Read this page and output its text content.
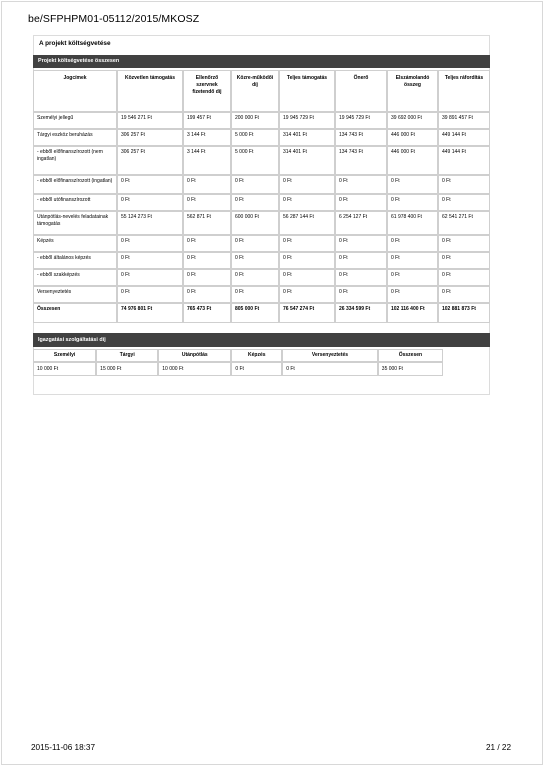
be/SFPHPM01-05112/2015/MKOSZ
A projekt költségvetése
Projekt költségvetése összesen
Jogcímek	Közvetlen támogatás	Ellenőrző szervnek fizetendő díj	Közre-működői díj	Teljes támogatás	Önerő	Elszámolandó összeg	Teljes ráfordítás
Személyi jellegű	19 546 271 Ft	199 457 Ft	200 000 Ft	19 945 729 Ft	19 945 729 Ft	39 692 000 Ft	39 891 457 Ft
Tárgyi eszköz beruházás	306 257 Ft	3 144 Ft	5 000 Ft	314 401 Ft	134 743 Ft	446 000 Ft	449 144 Ft
- ebből előfinanszírozott (nem ingatlan)	306 257 Ft	3 144 Ft	5 000 Ft	314 401 Ft	134 743 Ft	446 000 Ft	449 144 Ft
- ebből előfinanszírozott (ingatlan)	0 Ft	0 Ft	0 Ft	0 Ft	0 Ft	0 Ft	0 Ft
- ebből utófinanszírozott	0 Ft	0 Ft	0 Ft	0 Ft	0 Ft	0 Ft	0 Ft
Utánpótlás-nevelés feladatainak támogatás	55 124 273 Ft	562 871 Ft	600 000 Ft	56 287 144 Ft	6 254 127 Ft	61 978 400 Ft	62 541 271 Ft
Képzés	0 Ft	0 Ft	0 Ft	0 Ft	0 Ft	0 Ft	0 Ft
- ebből általános képzés	0 Ft	0 Ft	0 Ft	0 Ft	0 Ft	0 Ft	0 Ft
- ebből szakképzés	0 Ft	0 Ft	0 Ft	0 Ft	0 Ft	0 Ft	0 Ft
Versenyeztetés	0 Ft	0 Ft	0 Ft	0 Ft	0 Ft	0 Ft	0 Ft
Összesen	74 976 801 Ft	765 473 Ft	805 000 Ft	76 547 274 Ft	26 334 599 Ft	102 116 400 Ft	102 881 873 Ft
Igazgatási szolgáltatási díj
Személyi	Tárgyi	Utánpótlás	Képzés	Versenyeztetés	Összesen
10 000 Ft	15 000 Ft	10 000 Ft	0 Ft	0 Ft	35 000 Ft
2015-11-06 18:37	21 / 22
